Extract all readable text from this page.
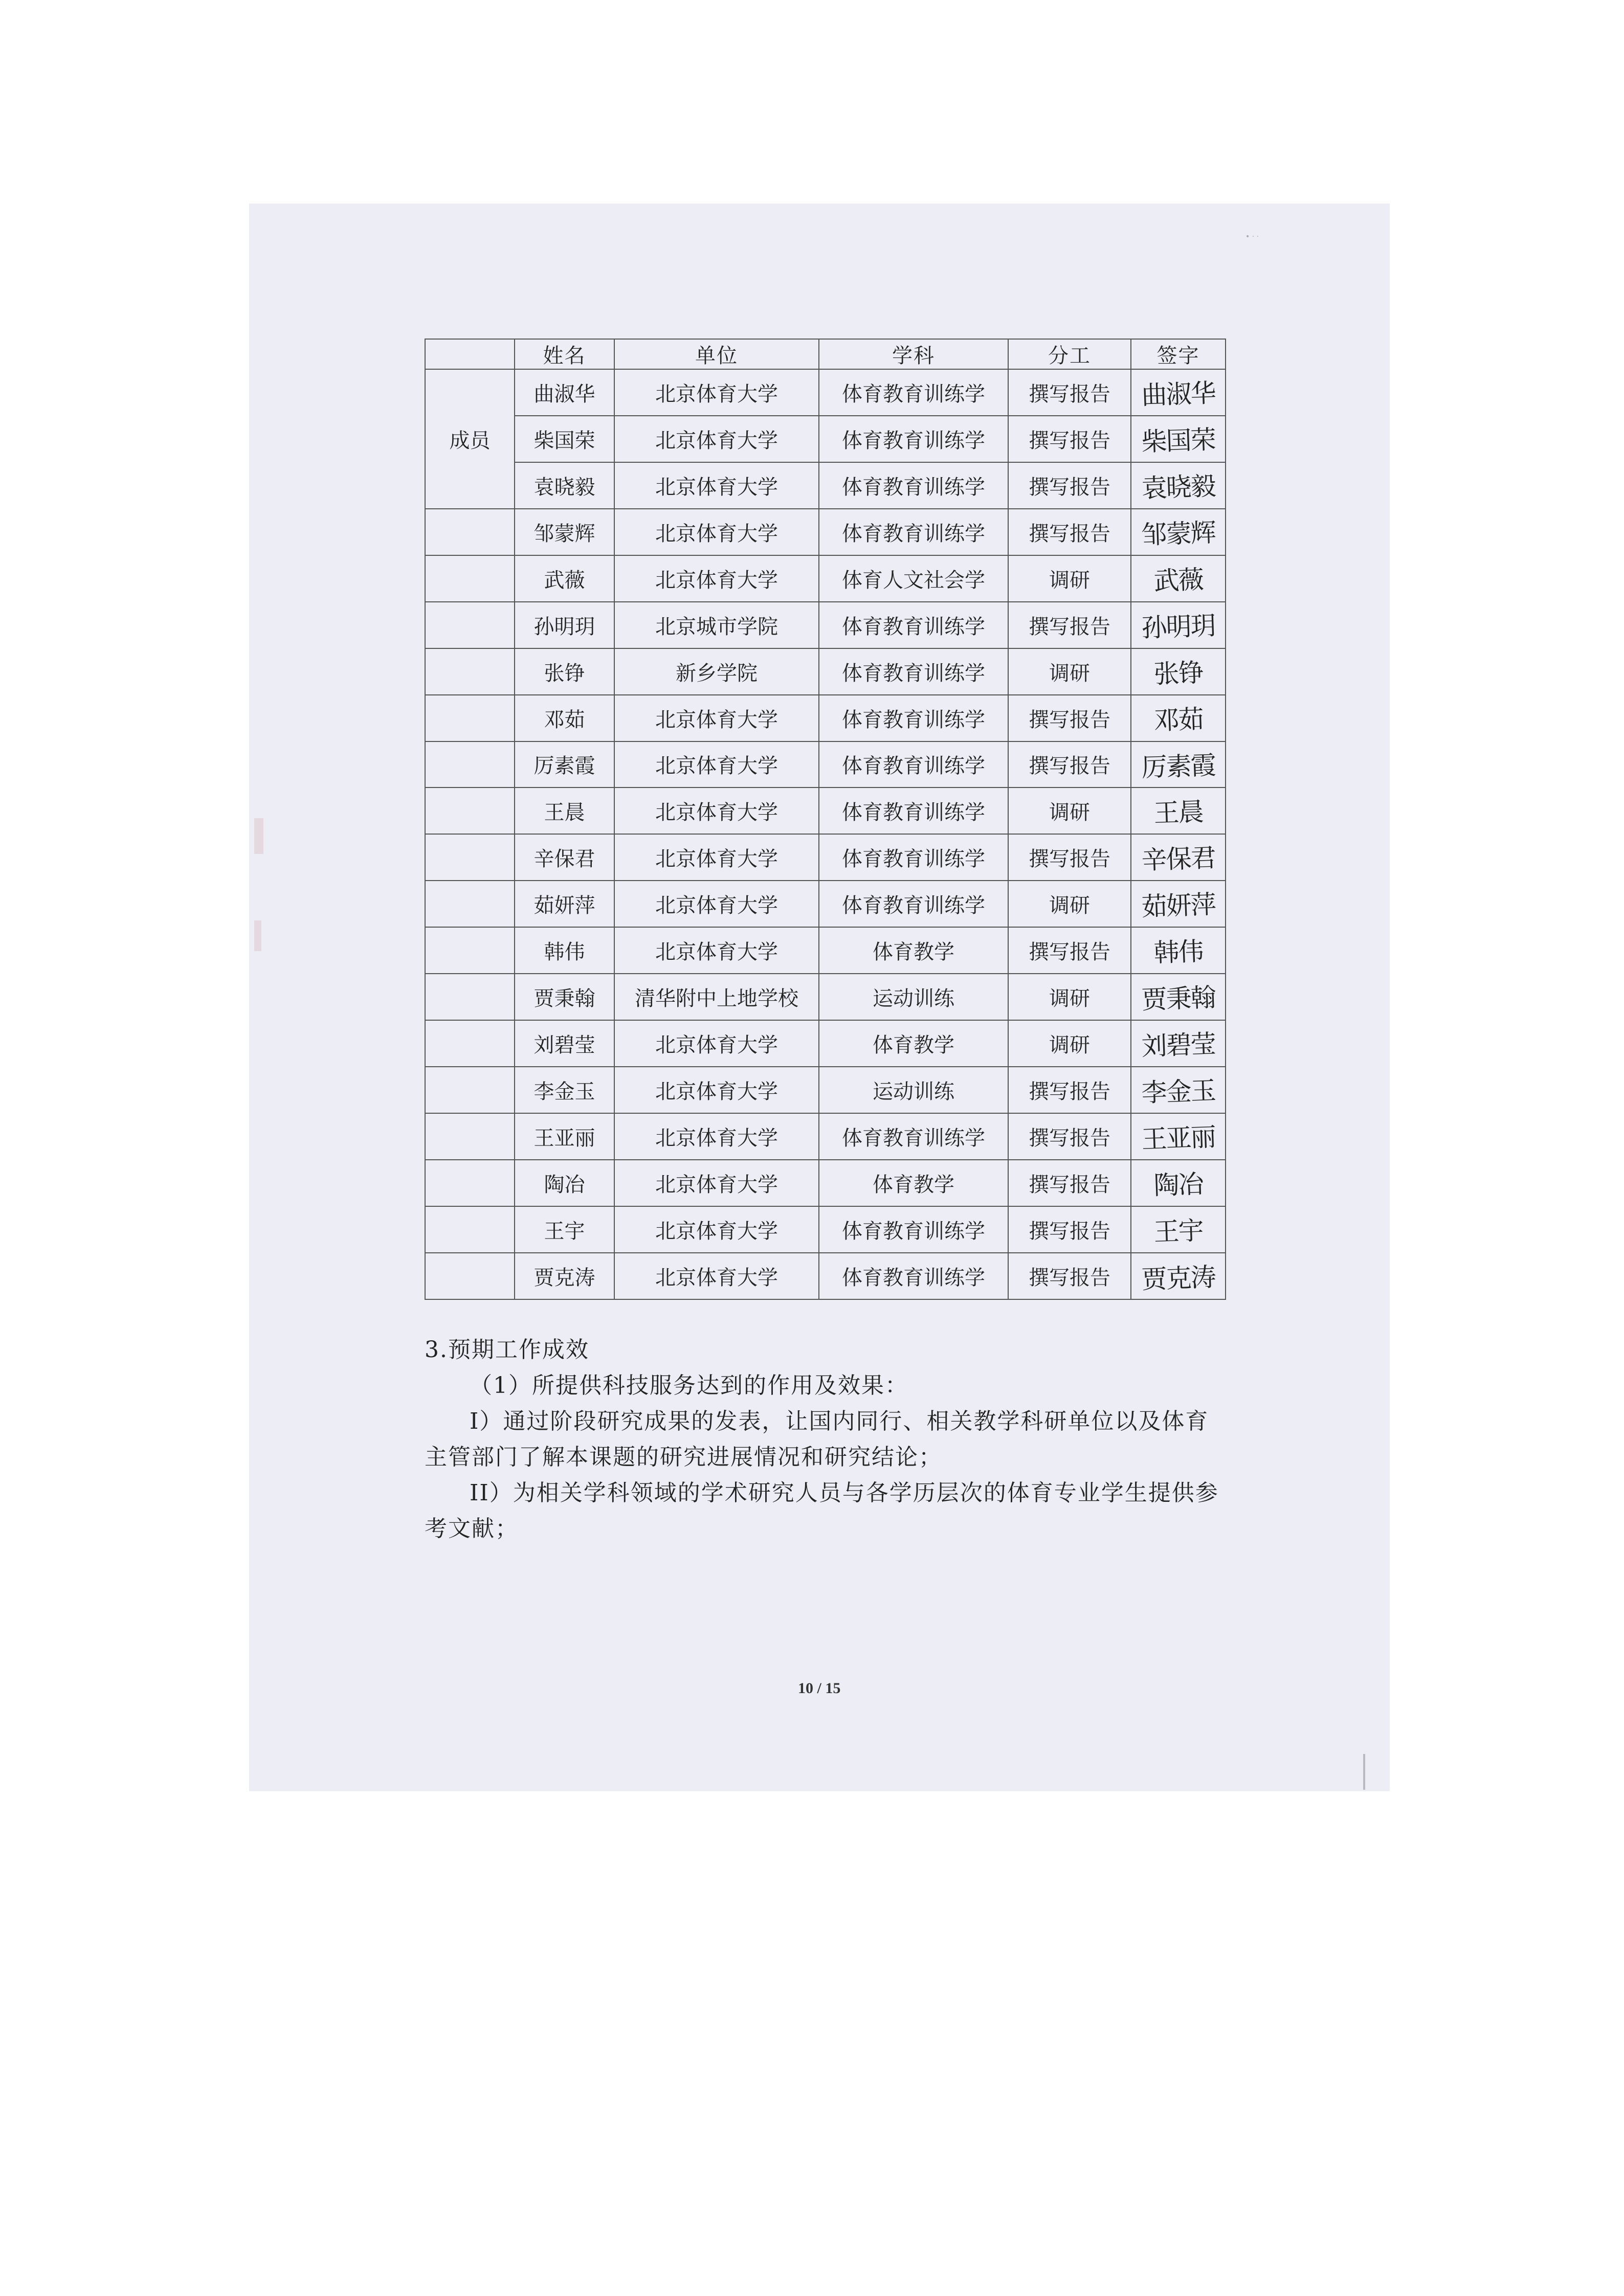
• · ·
	姓名	单位	学科	分工	签字
成员	曲淑华	北京体育大学	体育教育训练学	撰写报告	曲淑华
	柴国荣	北京体育大学	体育教育训练学	撰写报告	柴国荣
	袁晓毅	北京体育大学	体育教育训练学	撰写报告	袁晓毅
	邹蒙辉	北京体育大学	体育教育训练学	撰写报告	邹蒙辉
	武薇	北京体育大学	体育人文社会学	调研	武薇
	孙明玥	北京城市学院	体育教育训练学	撰写报告	孙明玥
	张铮	新乡学院	体育教育训练学	调研	张铮
	邓茹	北京体育大学	体育教育训练学	撰写报告	邓茹
	厉素霞	北京体育大学	体育教育训练学	撰写报告	厉素霞
	王晨	北京体育大学	体育教育训练学	调研	王晨
	辛保君	北京体育大学	体育教育训练学	撰写报告	辛保君
	茹妍萍	北京体育大学	体育教育训练学	调研	茹妍萍
	韩伟	北京体育大学	体育教学	撰写报告	韩伟
	贾秉翰	清华附中上地学校	运动训练	调研	贾秉翰
	刘碧莹	北京体育大学	体育教学	调研	刘碧莹
	李金玉	北京体育大学	运动训练	撰写报告	李金玉
	王亚丽	北京体育大学	体育教育训练学	撰写报告	王亚丽
	陶冶	北京体育大学	体育教学	撰写报告	陶冶
	王宇	北京体育大学	体育教育训练学	撰写报告	王宇
	贾克涛	北京体育大学	体育教育训练学	撰写报告	贾克涛
3.预期工作成效
（1）所提供科技服务达到的作用及效果：
I）通过阶段研究成果的发表，让国内同行、相关教学科研单位以及体育主管部门了解本课题的研究进展情况和研究结论；
II）为相关学科领域的学术研究人员与各学历层次的体育专业学生提供参考文献；
10 / 15
